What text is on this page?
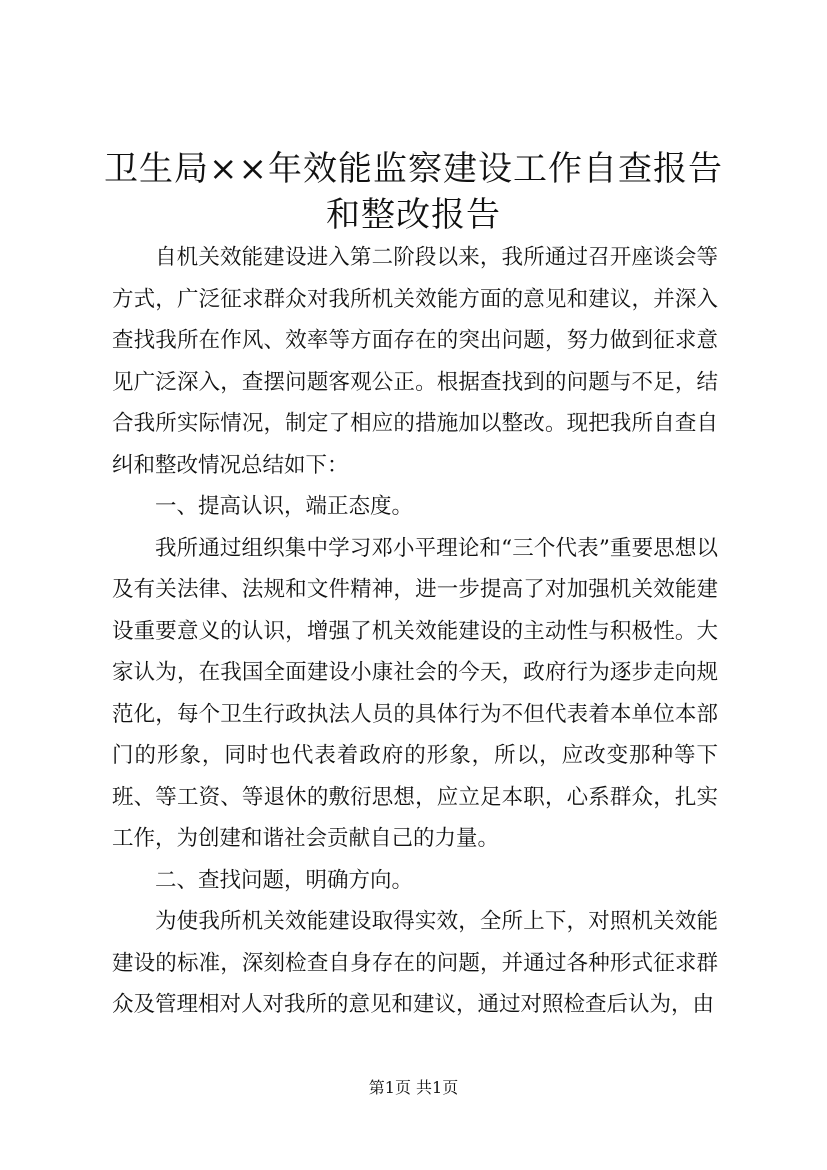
卫生局××年效能监察建设工作自查报告和整改报告

自机关效能建设进入第二阶段以来，我所通过召开座谈会等方式，广泛征求群众对我所机关效能方面的意见和建议，并深入查找我所在作风、效率等方面存在的突出问题，努力做到征求意见广泛深入，查摆问题客观公正。根据查找到的问题与不足，结合我所实际情况，制定了相应的措施加以整改。现把我所自查自纠和整改情况总结如下：

一、提高认识，端正态度。

我所通过组织集中学习邓小平理论和“三个代表”重要思想以及有关法律、法规和文件精神，进一步提高了对加强机关效能建设重要意义的认识，增强了机关效能建设的主动性与积极性。大家认为，在我国全面建设小康社会的今天，政府行为逐步走向规范化，每个卫生行政执法人员的具体行为不但代表着本单位本部门的形象，同时也代表着政府的形象，所以，应改变那种等下班、等工资、等退休的敷衍思想，应立足本职，心系群众，扎实工作，为创建和谐社会贡献自己的力量。

二、查找问题，明确方向。

为使我所机关效能建设取得实效，全所上下，对照机关效能建设的标准，深刻检查自身存在的问题，并通过各种形式征求群众及管理相对人对我所的意见和建议，通过对照检查后认为，由

第1页 共1页
